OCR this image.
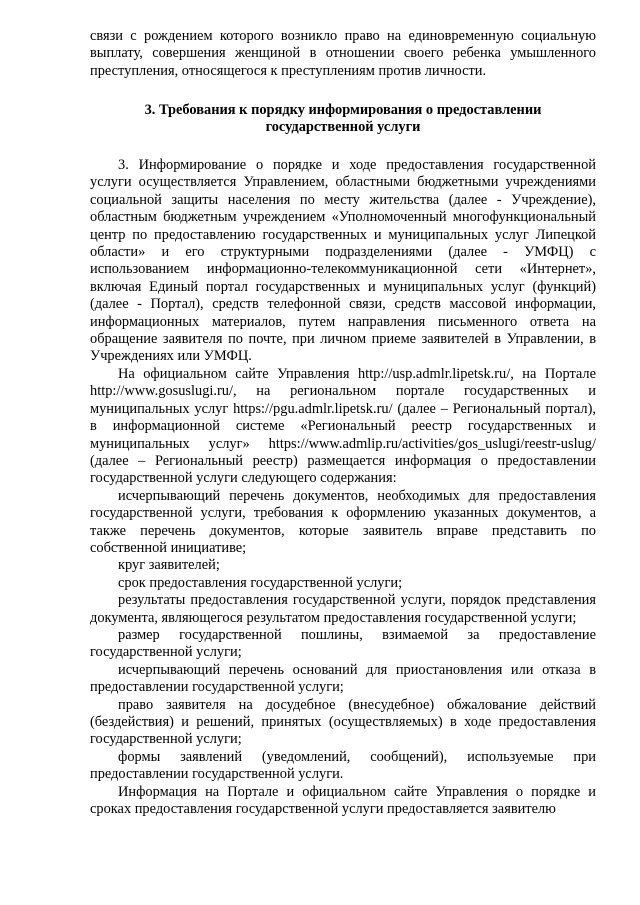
связи с рождением которого возникло право на единовременную социальную выплату, совершения женщиной в отношении своего ребенка умышленного преступления, относящегося к преступлениям против личности.

3. Требования к порядку информирования о предоставлении государственной услуги

3. Информирование о порядке и ходе предоставления государственной услуги осуществляется Управлением, областными бюджетными учреждениями социальной защиты населения по месту жительства (далее - Учреждение), областным бюджетным учреждением «Уполномоченный многофункциональный центр по предоставлению государственных и муниципальных услуг Липецкой области» и его структурными подразделениями (далее - УМФЦ) с использованием информационно-телекоммуникационной сети «Интернет», включая Единый портал государственных и муниципальных услуг (функций) (далее - Портал), средств телефонной связи, средств массовой информации, информационных материалов, путем направления письменного ответа на обращение заявителя по почте, при личном приеме заявителей в Управлении, в Учреждениях или УМФЦ.

На официальном сайте Управления http://usp.admlr.lipetsk.ru/, на Портале http://www.gosuslugi.ru/, на региональном портале государственных и муниципальных услуг https://pgu.admlr.lipetsk.ru/ (далее – Региональный портал), в информационной системе «Региональный реестр государственных и муниципальных услуг» https://www.admlip.ru/activities/gos_uslugi/reestr-uslug/ (далее – Региональный реестр) размещается информация о предоставлении государственной услуги следующего содержания:

исчерпывающий перечень документов, необходимых для предоставления государственной услуги, требования к оформлению указанных документов, а также перечень документов, которые заявитель вправе представить по собственной инициативе;

круг заявителей;

срок предоставления государственной услуги;

результаты предоставления государственной услуги, порядок представления документа, являющегося результатом предоставления государственной услуги;

размер государственной пошлины, взимаемой за предоставление государственной услуги;

исчерпывающий перечень оснований для приостановления или отказа в предоставлении государственной услуги;

право заявителя на досудебное (внесудебное) обжалование действий (бездействия) и решений, принятых (осуществляемых) в ходе предоставления государственной услуги;

формы заявлений (уведомлений, сообщений), используемые при предоставлении государственной услуги.

Информация на Портале и официальном сайте Управления о порядке и сроках предоставления государственной услуги предоставляется заявителю
